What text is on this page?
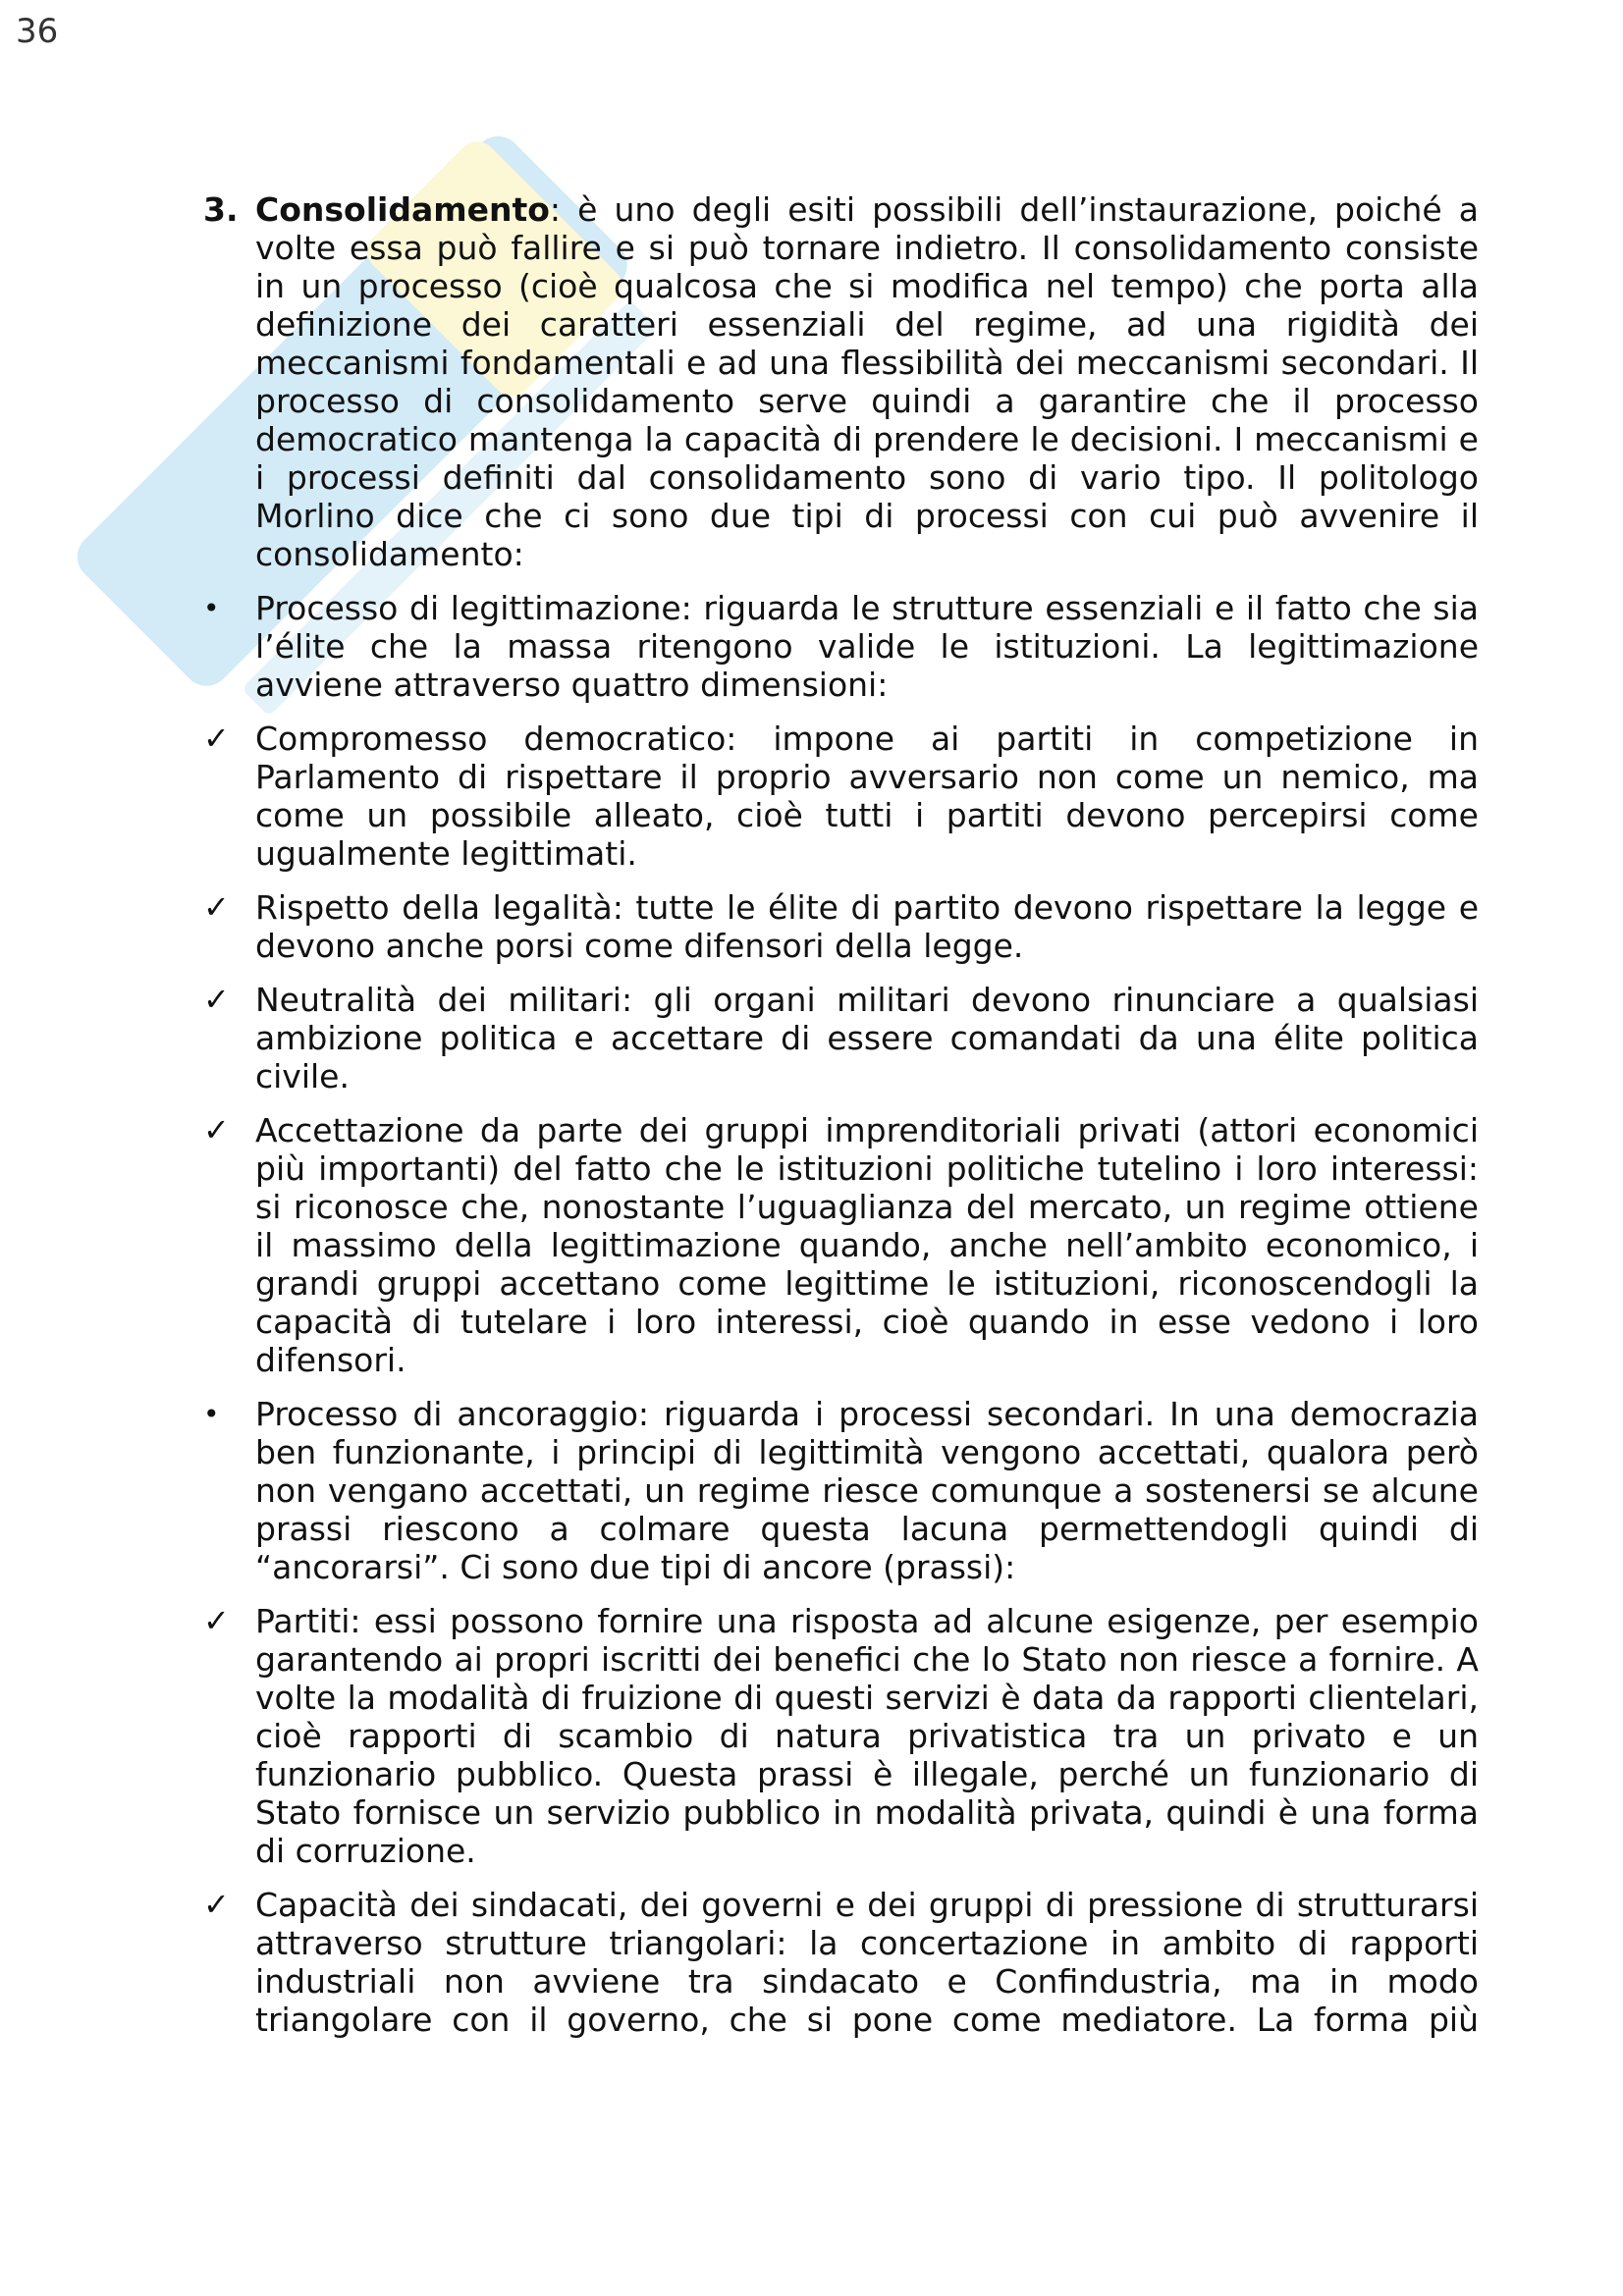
36

3. Consolidamento: è uno degli esiti possibili dell’instaurazione, poiché a volte essa può fallire e si può tornare indietro. Il consolidamento consiste in un processo (cioè qualcosa che si modifica nel tempo) che porta alla definizione dei caratteri essenziali del regime, ad una rigidità dei meccanismi fondamentali e ad una flessibilità dei meccanismi secondari. Il processo di consolidamento serve quindi a garantire che il processo democratico mantenga la capacità di prendere le decisioni. I meccanismi e i processi definiti dal consolidamento sono di vario tipo. Il politologo Morlino dice che ci sono due tipi di processi con cui può avvenire il consolidamento:

•	Processo di legittimazione: riguarda le strutture essenziali e il fatto che sia l’élite che la massa ritengono valide le istituzioni. La legittimazione avviene attraverso quattro dimensioni:

✓ Compromesso democratico: impone ai partiti in competizione in Parlamento di rispettare il proprio avversario non come un nemico, ma come un possibile alleato, cioè tutti i partiti devono percepirsi come ugualmente legittimati.

✓ Rispetto della legalità: tutte le élite di partito devono rispettare la legge e devono anche porsi come difensori della legge.

✓ Neutralità dei militari: gli organi militari devono rinunciare a qualsiasi ambizione politica e accettare di essere comandati da una élite politica civile.

✓ Accettazione da parte dei gruppi imprenditoriali privati (attori economici più importanti) del fatto che le istituzioni politiche tutelino i loro interessi: si riconosce che, nonostante l’uguaglianza del mercato, un regime ottiene il massimo della legittimazione quando, anche nell’ambito economico, i grandi gruppi accettano come legittime le istituzioni, riconoscendogli la capacità di tutelare i loro interessi, cioè quando in esse vedono i loro difensori.

•	Processo di ancoraggio: riguarda i processi secondari. In una democrazia ben funzionante, i principi di legittimità vengono accettati, qualora però non vengano accettati, un regime riesce comunque a sostenersi se alcune prassi riescono a colmare questa lacuna permettendogli quindi di “ancorarsi”. Ci sono due tipi di ancore (prassi):

✓ Partiti: essi possono fornire una risposta ad alcune esigenze, per esempio garantendo ai propri iscritti dei benefici che lo Stato non riesce a fornire. A volte la modalità di fruizione di questi servizi è data da rapporti clientelari, cioè rapporti di scambio di natura privatistica tra un privato e un funzionario pubblico. Questa prassi è illegale, perché un funzionario di Stato fornisce un servizio pubblico in modalità privata, quindi è una forma di corruzione.

✓ Capacità dei sindacati, dei governi e dei gruppi di pressione di strutturarsi attraverso strutture triangolari: la concertazione in ambito di rapporti industriali non avviene tra sindacato e Confindustria, ma in modo triangolare con il governo, che si pone come mediatore. La forma più
